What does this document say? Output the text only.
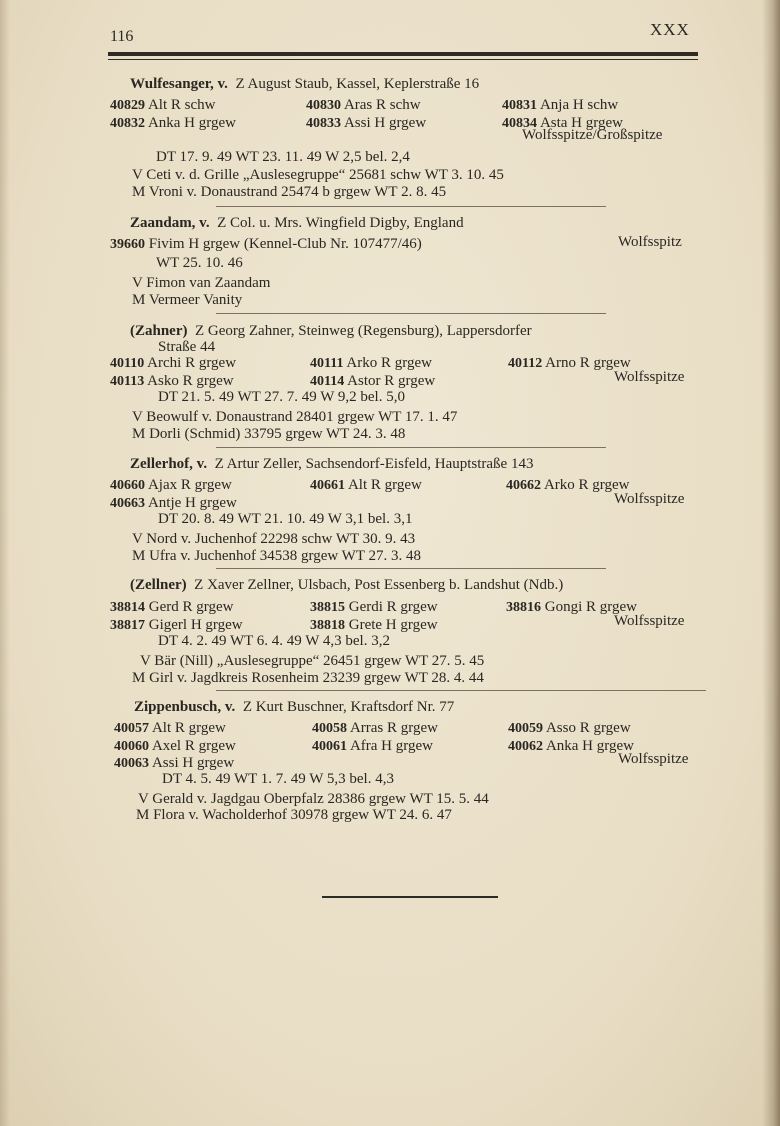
116	XXX
Wulfesanger, v. Z August Staub, Kassel, Keplerstraße 16
40829 Alt R schw	40830 Aras R schw	40831 Anja H schw
40832 Anka H grgew	40833 Assi H grgew	40834 Asta H grgew
Wolfsspitze/Großspitze
DT 17. 9. 49 WT 23. 11. 49 W 2,5 bel. 2,4
V Ceti v. d. Grille „Auslesegruppe“ 25681 schw WT 3. 10. 45
M Vroni v. Donaustrand 25474 b grgew WT 2. 8. 45
Zaandam, v. Z Col. u. Mrs. Wingfield Digby, England
39660 Fivim H grgew (Kennel-Club Nr. 107477/46)	Wolfsspitz
WT 25. 10. 46
V Fimon van Zaandam
M Vermeer Vanity
(Zahner) Z Georg Zahner, Steinweg (Regensburg), Lappersdorfer
Straße 44
40110 Archi R grgew	40111 Arko R grgew	40112 Arno R grgew
40113 Asko R grgew	40114 Astor R grgew	Wolfsspitze
DT 21. 5. 49 WT 27. 7. 49 W 9,2 bel. 5,0
V Beowulf v. Donaustrand 28401 grgew WT 17. 1. 47
M Dorli (Schmid) 33795 grgew WT 24. 3. 48
Zellerhof, v. Z Artur Zeller, Sachsendorf-Eisfeld, Hauptstraße 143
40660 Ajax R grgew	40661 Alt R grgew	40662 Arko R grgew
40663 Antje H grgew	Wolfsspitze
DT 20. 8. 49 WT 21. 10. 49 W 3,1 bel. 3,1
V Nord v. Juchenhof 22298 schw WT 30. 9. 43
M Ufra v. Juchenhof 34538 grgew WT 27. 3. 48
(Zellner) Z Xaver Zellner, Ulsbach, Post Essenberg b. Landshut (Ndb.)
38814 Gerd R grgew	38815 Gerdi R grgew	38816 Gongi R grgew
38817 Gigerl H grgew	38818 Grete H grgew	Wolfsspitze
DT 4. 2. 49 WT 6. 4. 49 W 4,3 bel. 3,2
V Bär (Nill) „Auslesegruppe“ 26451 grgew WT 27. 5. 45
M Girl v. Jagdkreis Rosenheim 23239 grgew WT 28. 4. 44
Zippenbusch, v. Z Kurt Buschner, Kraftsdorf Nr. 77
40057 Alt R grgew	40058 Arras R grgew	40059 Asso R grgew
40060 Axel R grgew	40061 Afra H grgew	40062 Anka H grgew
40063 Assi H grgew	Wolfsspitze
DT 4. 5. 49 WT 1. 7. 49 W 5,3 bel. 4,3
V Gerald v. Jagdgau Oberpfalz 28386 grgew WT 15. 5. 44
M Flora v. Wacholderhof 30978 grgew WT 24. 6. 47
